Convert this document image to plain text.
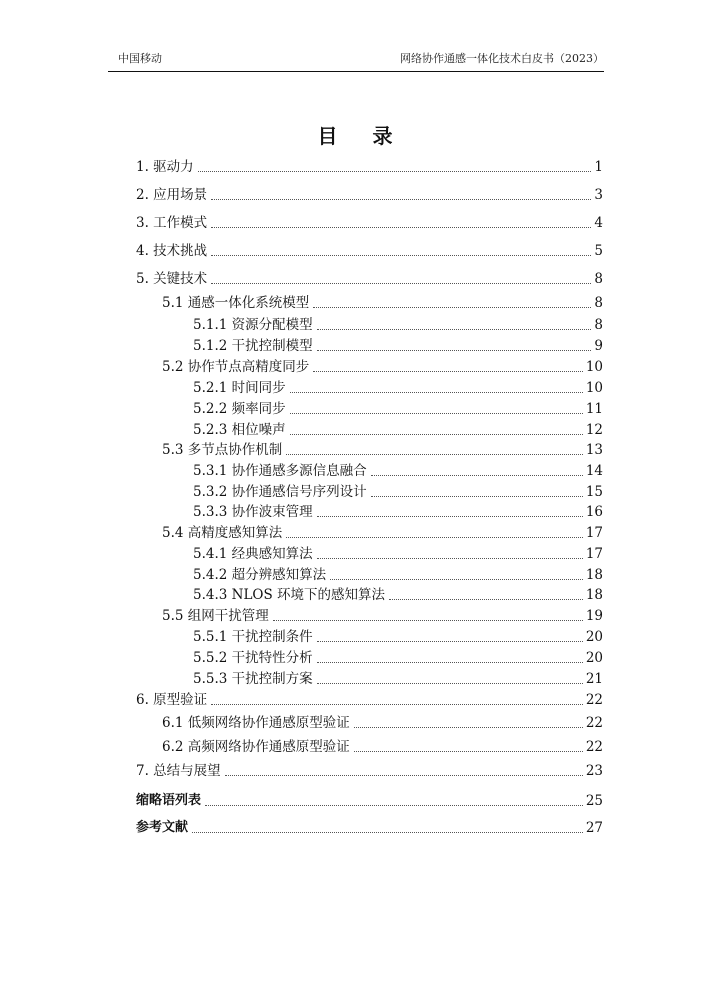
中国移动	网络协作通感一体化技术白皮书（2023）
目 录
1. 驱动力	1
2. 应用场景	3
3. 工作模式	4
4. 技术挑战	5
5. 关键技术	8
5.1 通感一体化系统模型	8
5.1.1 资源分配模型	8
5.1.2 干扰控制模型	9
5.2 协作节点高精度同步	10
5.2.1 时间同步	10
5.2.2 频率同步	11
5.2.3 相位噪声	12
5.3 多节点协作机制	13
5.3.1 协作通感多源信息融合	14
5.3.2 协作通感信号序列设计	15
5.3.3 协作波束管理	16
5.4 高精度感知算法	17
5.4.1 经典感知算法	17
5.4.2 超分辨感知算法	18
5.4.3 NLOS 环境下的感知算法	18
5.5 组网干扰管理	19
5.5.1 干扰控制条件	20
5.5.2 干扰特性分析	20
5.5.3 干扰控制方案	21
6. 原型验证	22
6.1 低频网络协作通感原型验证	22
6.2 高频网络协作通感原型验证	22
7. 总结与展望	23
缩略语列表	25
参考文献	27
